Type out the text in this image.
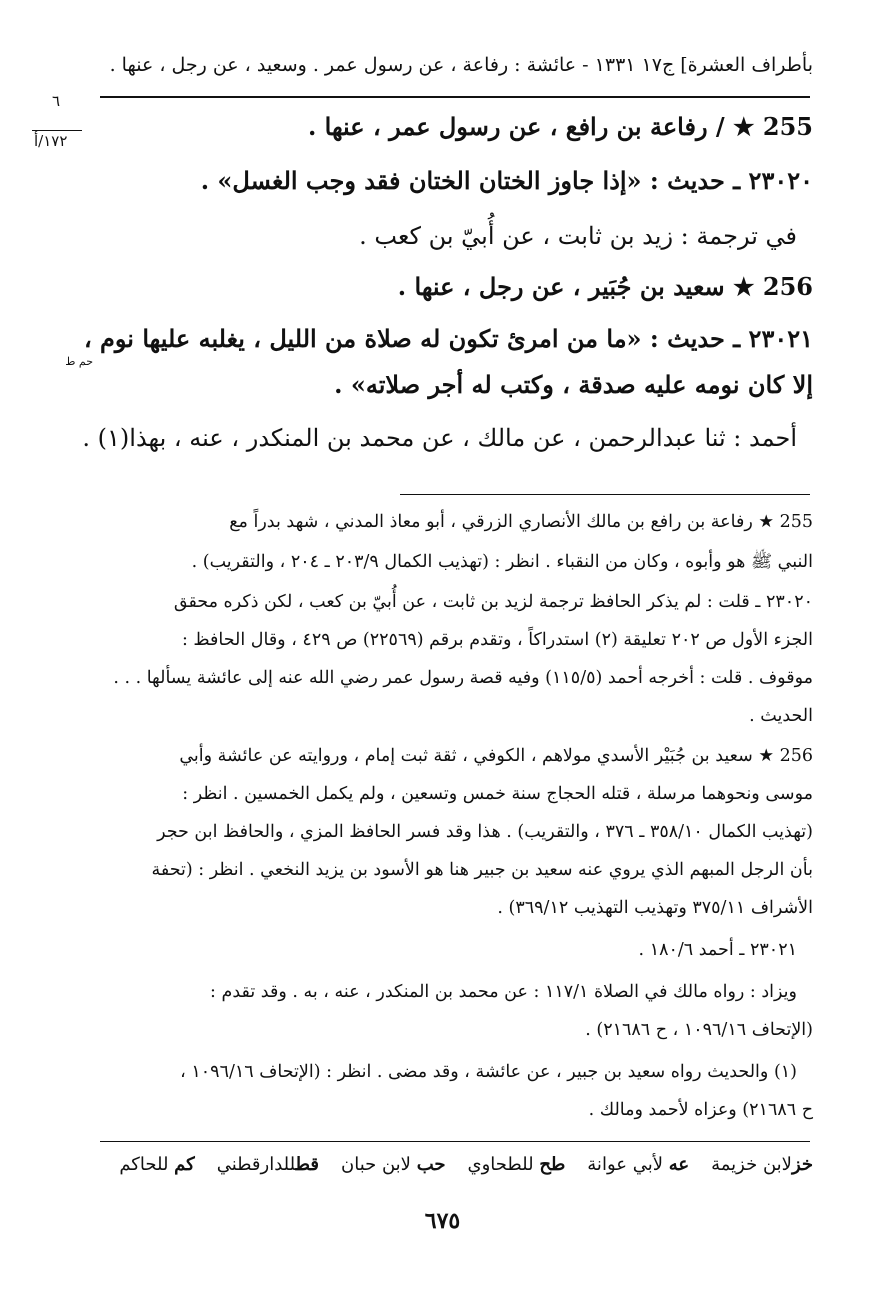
بأطراف العشرة] ج١٧ ١٣٣١ - عائشة : رفاعة ، عن رسول عمر . وسعيد ، عن رجل ، عنها .
٦
١٧٢/أ	255 ★ / رفاعة بن رافع ، عن رسول عمر ، عنها .
٢٣٠٢٠ ـ حديث : «إذا جاوز الختان الختان فقد وجب الغسل» .
في ترجمة : زيد بن ثابت ، عن أُبيّ بن كعب .
256 ★ سعيد بن جُبَير ، عن رجل ، عنها .
٢٣٠٢١ ـ حديث : «ما من امرئ تكون له صلاة من الليل ، يغلبه عليها نوم ،
حم ط
إلا كان نومه عليه صدقة ، وكتب له أجر صلاته» .
أحمد : ثنا عبدالرحمن ، عن مالك ، عن محمد بن المنكدر ، عنه ، بهذا(١) .
255 ★ رفاعة بن رافع بن مالك الأنصاري الزرقي ، أبو معاذ المدني ، شهد بدراً مع
النبي ﷺ هو وأبوه ، وكان من النقباء . انظر : (تهذيب الكمال ٢٠٣/٩ ـ ٢٠٤ ، والتقريب) .
٢٣٠٢٠ ـ قلت : لم يذكر الحافظ ترجمة لزيد بن ثابت ، عن أُبيّ بن كعب ، لكن ذكره محقق
الجزء الأول ص ٢٠٢ تعليقة (٢) استدراكاً ، وتقدم برقم (٢٢٥٦٩) ص ٤٢٩ ، وقال الحافظ :
موقوف . قلت : أخرجه أحمد (١١٥/٥) وفيه قصة رسول عمر رضي الله عنه إلى عائشة يسألها . . .
الحديث .
256 ★ سعيد بن جُبَيْر الأسدي مولاهم ، الكوفي ، ثقة ثبت إمام ، وروايته عن عائشة وأبي
موسى ونحوهما مرسلة ، قتله الحجاج سنة خمس وتسعين ، ولم يكمل الخمسين . انظر :
(تهذيب الكمال ٣٥٨/١٠ ـ ٣٧٦ ، والتقريب) . هذا وقد فسر الحافظ المزي ، والحافظ ابن حجر
بأن الرجل المبهم الذي يروي عنه سعيد بن جبير هنا هو الأسود بن يزيد النخعي . انظر : (تحفة
الأشراف ٣٧٥/١١ وتهذيب التهذيب ٣٦٩/١٢) .
٢٣٠٢١ ـ أحمد ١٨٠/٦ .
ويزاد : رواه مالك في الصلاة ١١٧/١ : عن محمد بن المنكدر ، عنه ، به . وقد تقدم :
(الإتحاف ١٠٩٦/١٦ ، ح ٢١٦٨٦) .
(١) والحديث رواه سعيد بن جبير ، عن عائشة ، وقد مضى . انظر : (الإتحاف ١٠٩٦/١٦ ،
ح ٢١٦٨٦) وعزاه لأحمد ومالك .
خزلابن خزيمة
عه لأبي عوانة
طح للطحاوي
حب لابن حبان
قطللدارقطني
كم للحاكم
٦٧٥
